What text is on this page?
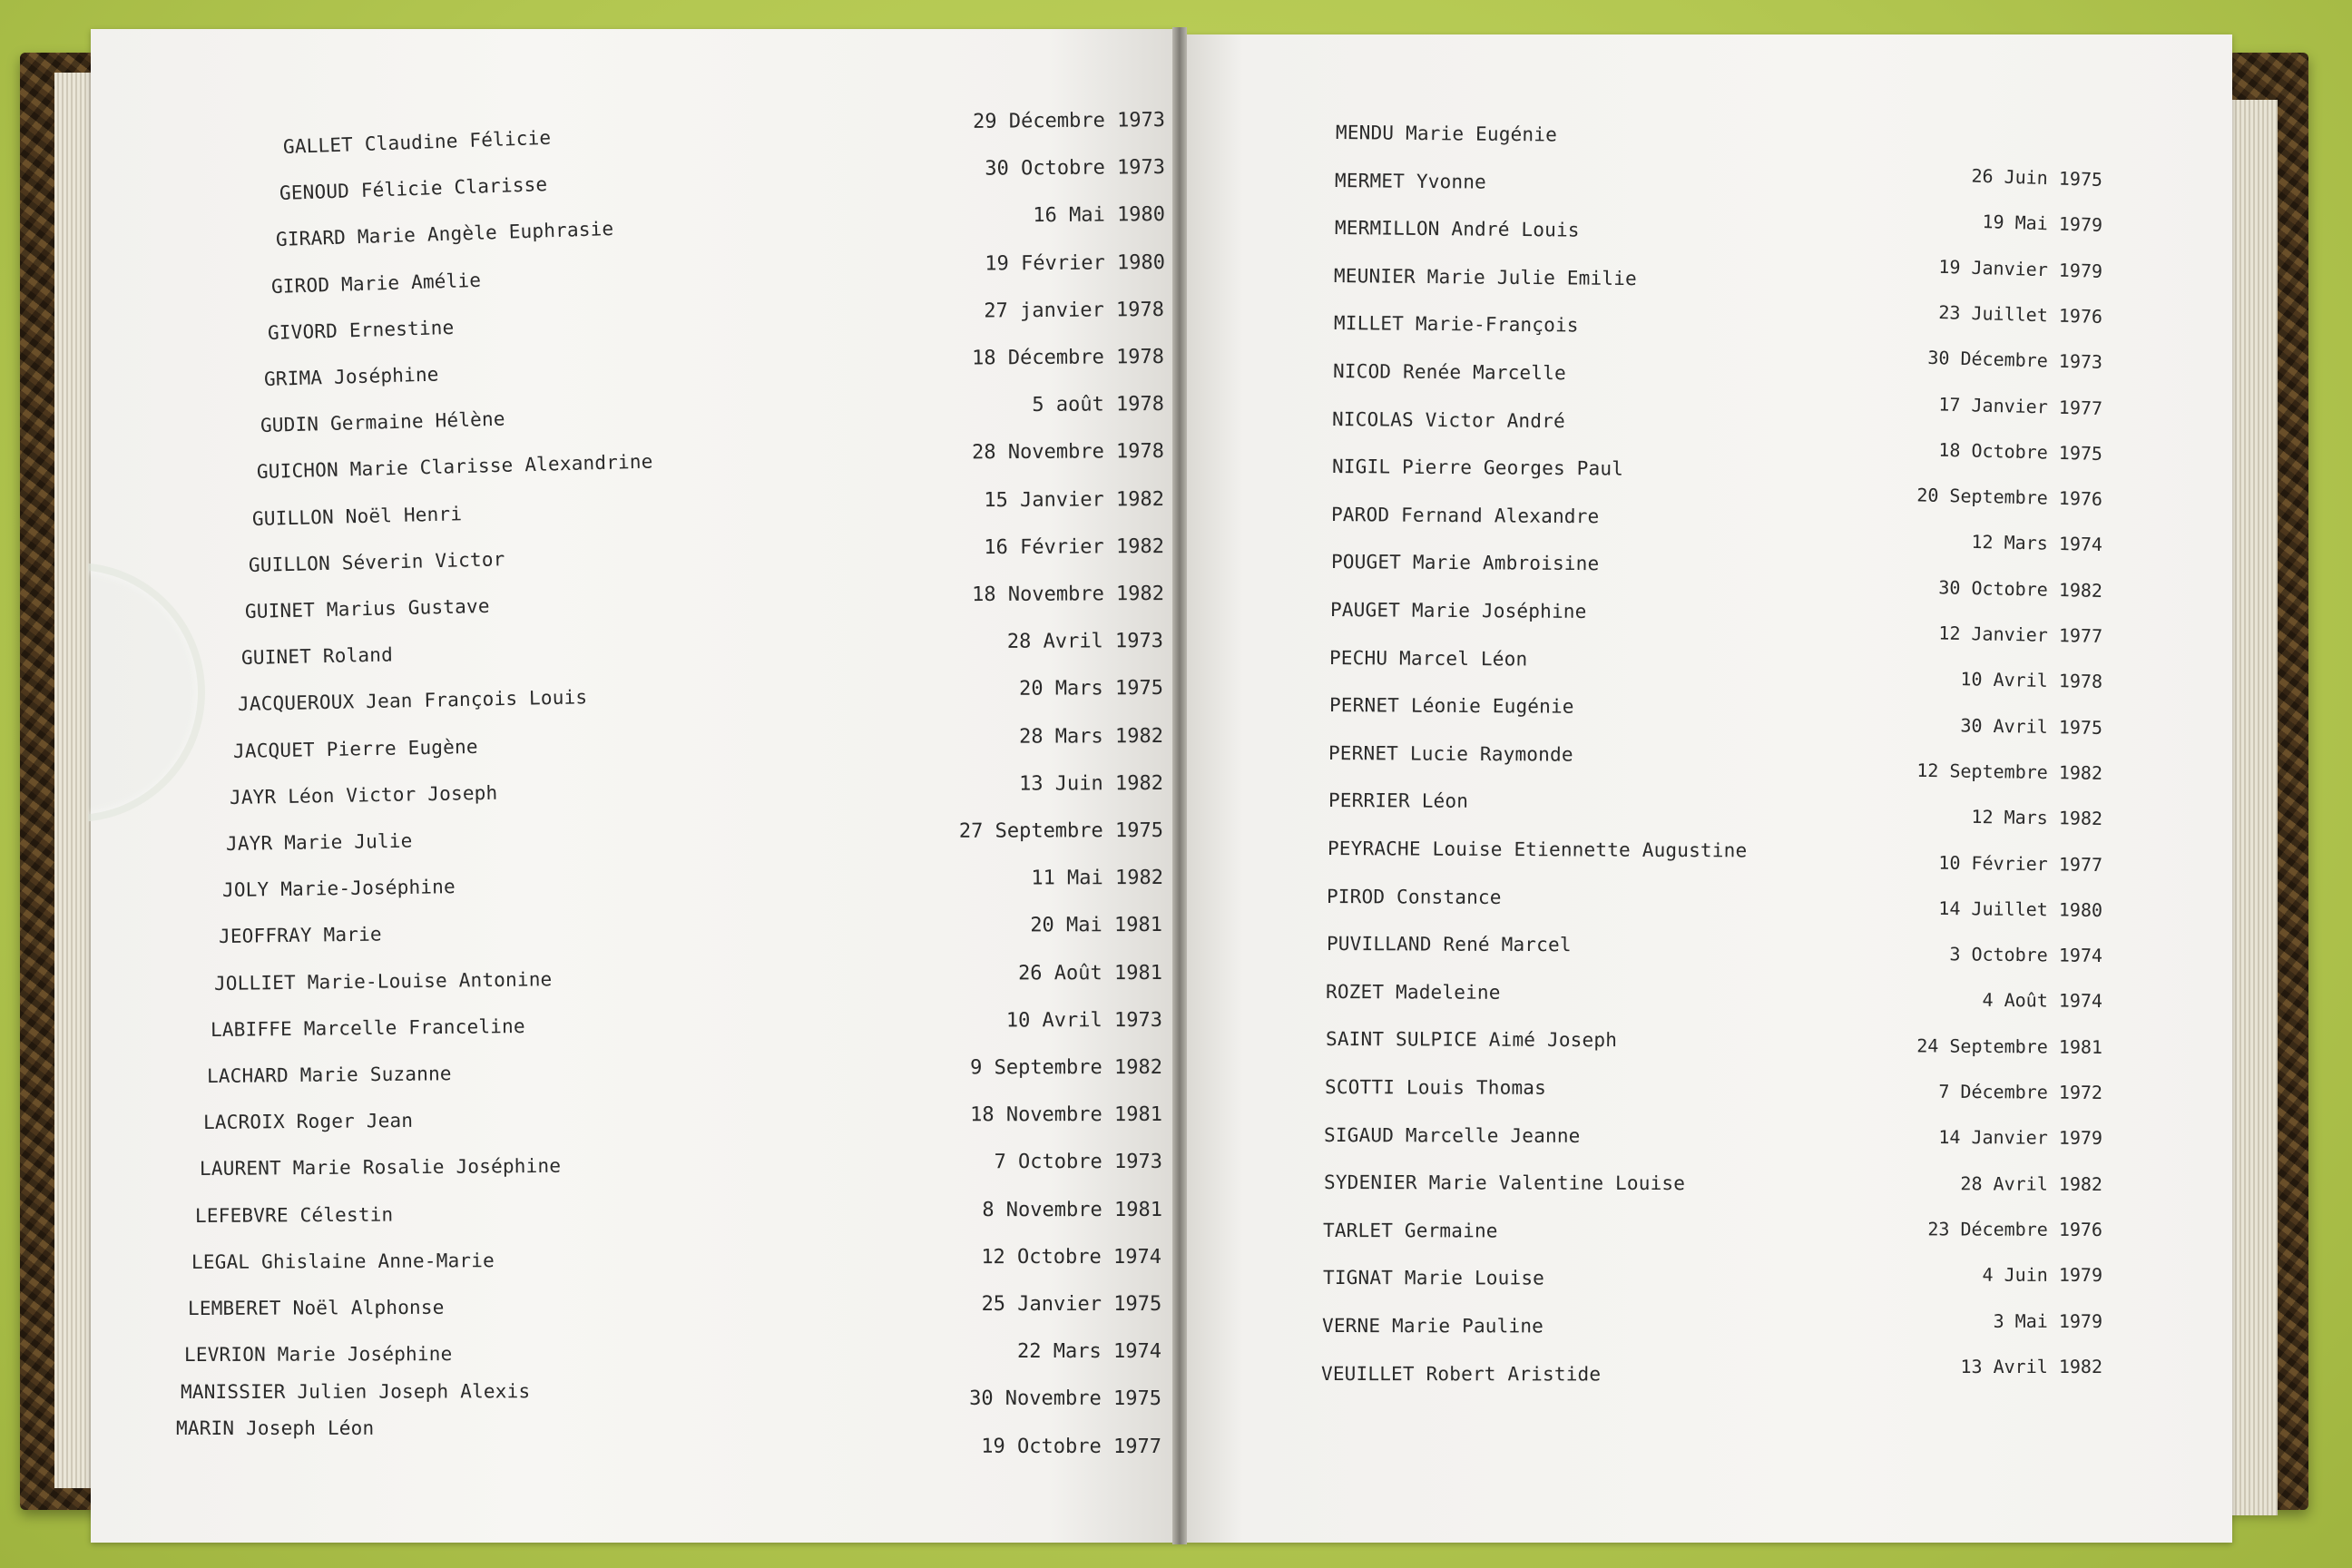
GALLET Claudine Félicie
GENOUD Félicie Clarisse
GIRARD Marie Angèle Euphrasie
GIROD Marie Amélie
GIVORD Ernestine
GRIMA Joséphine
GUDIN Germaine Hélène
GUICHON Marie Clarisse Alexandrine
GUILLON Noël Henri
GUILLON Séverin Victor
GUINET Marius Gustave
GUINET Roland
JACQUEROUX Jean François Louis
JACQUET Pierre Eugène
JAYR Léon Victor Joseph
JAYR Marie Julie
JOLY Marie-Joséphine
JEOFFRAY Marie
JOLLIET Marie-Louise Antonine
LABIFFE Marcelle Franceline
LACHARD Marie Suzanne
LACROIX Roger Jean
LAURENT Marie Rosalie Joséphine
LEFEBVRE Célestin
LEGAL Ghislaine Anne-Marie
LEMBERET Noël Alphonse
LEVRION Marie Joséphine
MANISSIER Julien Joseph Alexis
MARIN Joseph Léon
29 Décembre 1973
30 Octobre 1973
16 Mai 1980
19 Février 1980
27 janvier 1978
18 Décembre 1978
5 août 1978
28 Novembre 1978
15 Janvier 1982
16 Février 1982
18 Novembre 1982
28 Avril 1973
20 Mars 1975
28 Mars 1982
13 Juin 1982
27 Septembre 1975
11 Mai 1982
20 Mai 1981
26 Août 1981
10 Avril 1973
9 Septembre 1982
18 Novembre 1981
7 Octobre 1973
8 Novembre 1981
12 Octobre 1974
25 Janvier 1975
22 Mars 1974
30 Novembre 1975
19 Octobre 1977
MENDU Marie Eugénie
MERMET Yvonne
MERMILLON André Louis
MEUNIER Marie Julie Emilie
MILLET Marie-François
NICOD Renée Marcelle
NICOLAS Victor André
NIGIL Pierre Georges Paul
PAROD Fernand Alexandre
POUGET Marie Ambroisine
PAUGET Marie Joséphine
PECHU Marcel Léon
PERNET Léonie Eugénie
PERNET Lucie Raymonde
PERRIER Léon
PEYRACHE Louise Etiennette Augustine
PIROD Constance
PUVILLAND René Marcel
ROZET Madeleine
SAINT SULPICE Aimé Joseph
SCOTTI Louis Thomas
SIGAUD Marcelle Jeanne
SYDENIER Marie Valentine Louise
TARLET Germaine
TIGNAT Marie Louise
VERNE Marie Pauline
VEUILLET Robert Aristide
26 Juin 1975
19 Mai 1979
19 Janvier 1979
23 Juillet 1976
30 Décembre 1973
17 Janvier 1977
18 Octobre 1975
20 Septembre 1976
12 Mars 1974
30 Octobre 1982
12 Janvier 1977
10 Avril 1978
30 Avril 1975
12 Septembre 1982
12 Mars 1982
10 Février 1977
14 Juillet 1980
3 Octobre 1974
4 Août 1974
24 Septembre 1981
7 Décembre 1972
14 Janvier 1979
28 Avril 1982
23 Décembre 1976
4 Juin 1979
3 Mai 1979
13 Avril 1982
